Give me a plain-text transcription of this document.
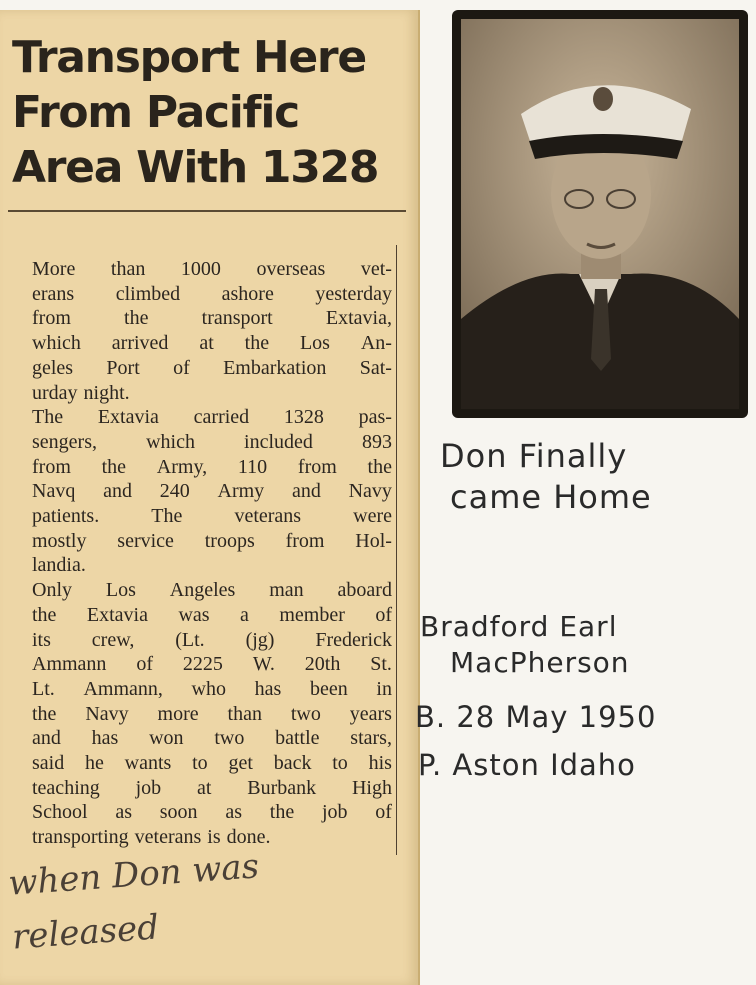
Transport Here
From Pacific
Area With 1328
More than 1000 overseas vet-
erans climbed ashore yesterday
from	the	transport	Extavia,
which arrived at the Los An-
geles Port of Embarkation Sat-
urday night.
The Extavia carried 1328 pas-
sengers, which included 893
from the Army, 110 from the
Navq and 240 Army and Navy
patients.	The	veterans	were
mostly service troops from Hol-
landia.
Only Los Angeles man aboard
the Extavia was a member of
its crew, (Lt. (jg) Frederick
Ammann of 2225 W. 20th St.
Lt. Ammann, who has been in
the Navy more than two years
and has won two battle stars,
said he wants to get back to his
teaching job at Burbank High
School as soon as the job of
transporting veterans is done.
when Don was
released
Don Finally
came Home
Bradford Earl
MacPherson
B. 28 May 1950
P. Aston Idaho
